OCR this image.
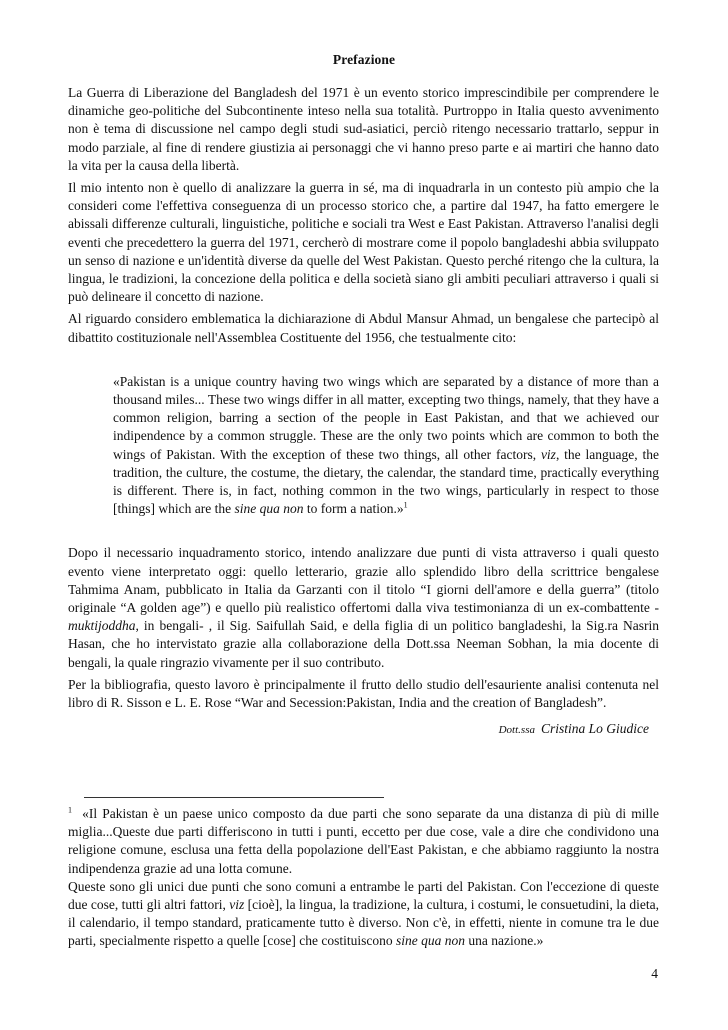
Prefazione

La Guerra di Liberazione del Bangladesh del 1971 è un evento storico imprescindibile per comprendere le dinamiche geo-politiche del Subcontinente inteso nella sua totalità. Purtroppo in Italia questo avvenimento non è tema di discussione nel campo degli studi sud-asiatici, perciò ritengo necessario trattarlo, seppur in modo parziale, al fine di rendere giustizia ai personaggi che vi hanno preso parte e ai martiri che hanno dato la vita per la causa della libertà.

Il mio intento non è quello di analizzare la guerra in sé, ma di inquadrarla in un contesto più ampio che la consideri come l'effettiva conseguenza di un processo storico che, a partire dal 1947, ha fatto emergere le abissali differenze culturali, linguistiche, politiche e sociali tra West e East Pakistan. Attraverso l'analisi degli eventi che precedettero la guerra del 1971, cercherò di mostrare come il popolo bangladeshi abbia sviluppato un senso di nazione e un'identità diverse da quelle del West Pakistan. Questo perché ritengo che la cultura, la lingua, le tradizioni, la concezione della politica e della società siano gli ambiti peculiari attraverso i quali si può delineare il concetto di nazione.

Al riguardo considero emblematica la dichiarazione di Abdul Mansur Ahmad, un bengalese che partecipò al dibattito costituzionale nell'Assemblea Costituente del 1956, che testualmente cito:

«Pakistan is a unique country having two wings which are separated by a distance of more than a thousand miles... These two wings differ in all matter, excepting two things, namely, that they have a common religion, barring a section of the people in East Pakistan, and that we achieved our indipendence by a common struggle. These are the only two points which are common to both the wings of Pakistan. With the exception of these two things, all other factors, viz, the language, the tradition, the culture, the costume, the dietary, the calendar, the standard time, practically everything is different. There is, in fact, nothing common in the two wings, particularly in respect to those [things] which are the sine qua non to form a nation.»$^1$

Dopo il necessario inquadramento storico, intendo analizzare due punti di vista attraverso i quali questo evento viene interpretato oggi: quello letterario, grazie allo splendido libro della scrittrice bengalese Tahmima Anam, pubblicato in Italia da Garzanti con il titolo “I giorni dell'amore e della guerra” (titolo originale “A golden age”) e quello più realistico offertomi dalla viva testimonianza di un ex-combattente -muktijoddha, in bengali- , il Sig. Saifullah Said, e della figlia di un politico bangladeshi, la Sig.ra Nasrin Hasan, che ho intervistato grazie alla collaborazione della Dott.ssa Neeman Sobhan, la mia docente di bengali, la quale ringrazio vivamente per il suo contributo.

Per la bibliografia, questo lavoro è principalmente il frutto dello studio dell'esauriente analisi contenuta nel libro di R. Sisson e L. E. Rose “War and Secession:Pakistan, India and the creation of Bangladesh”.

Dott.ssa Cristina Lo Giudice

$^1$ «Il Pakistan è un paese unico composto da due parti che sono separate da una distanza di più di mille miglia...Queste due parti differiscono in tutti i punti, eccetto per due cose, vale a dire che condividono una religione comune, esclusa una fetta della popolazione dell'East Pakistan, e che abbiamo raggiunto la nostra indipendenza grazie ad una lotta comune.

Queste sono gli unici due punti che sono comuni a entrambe le parti del Pakistan. Con l'eccezione di queste due cose, tutti gli altri fattori, viz [cioè], la lingua, la tradizione, la cultura, i costumi, le consuetudini, la dieta, il calendario, il tempo standard, praticamente tutto è diverso. Non c'è, in effetti, niente in comune tra le due parti, specialmente rispetto a quelle [cose] che costituiscono sine qua non una nazione.»

4
